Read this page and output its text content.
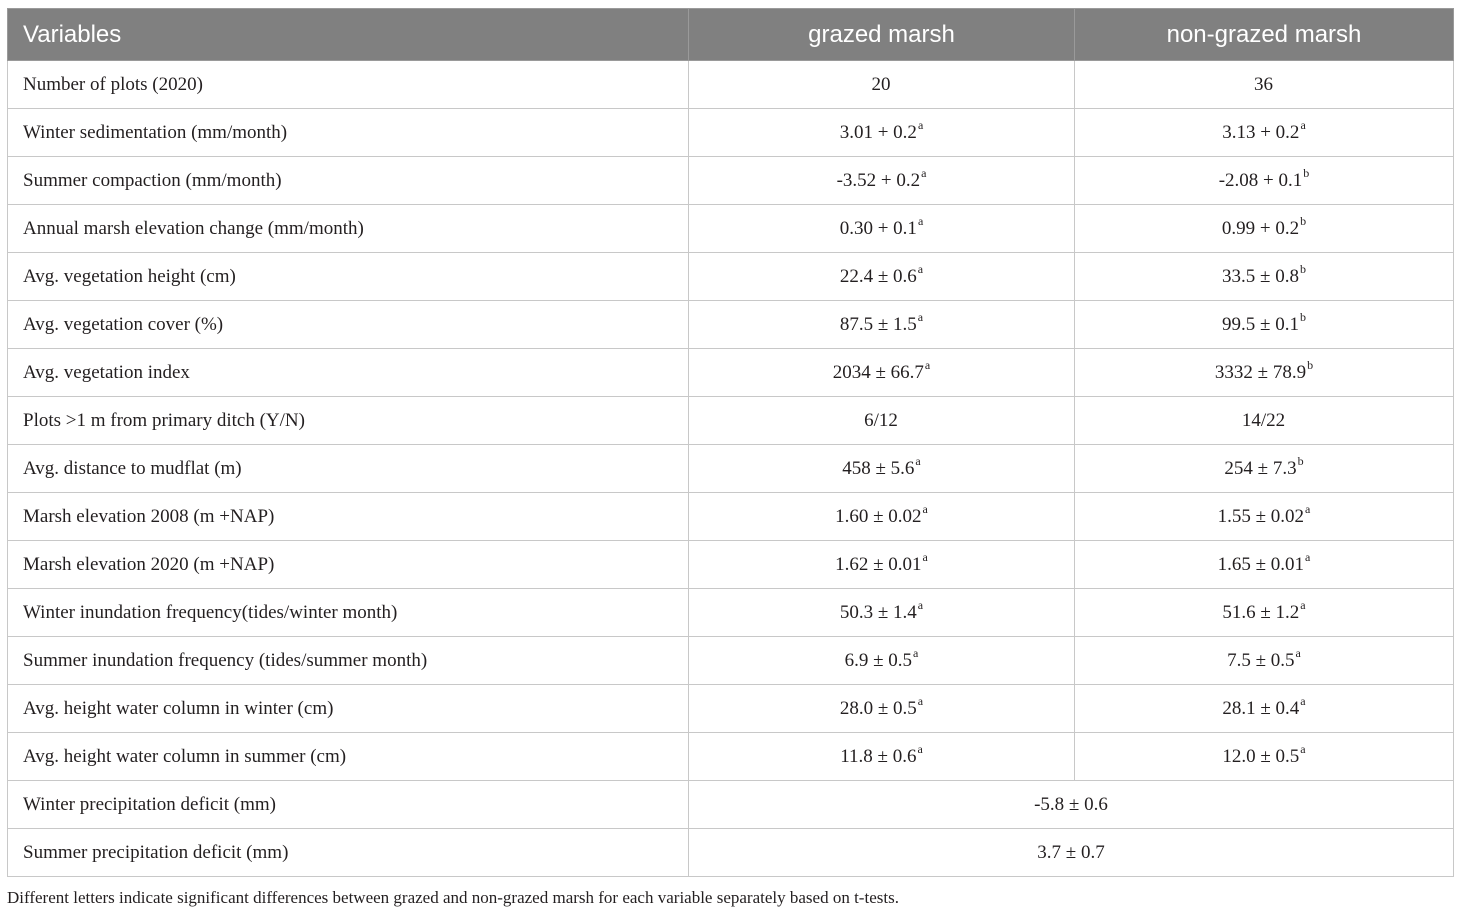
Variables	grazed marsh	non-grazed marsh
Number of plots (2020)	20	36
Winter sedimentation (mm/month)	3.01 + 0.2$^a$	3.13 + 0.2$^a$
Summer compaction (mm/month)	-3.52 + 0.2$^a$	-2.08 + 0.1$^b$
Annual marsh elevation change (mm/month)	0.30 + 0.1$^a$	0.99 + 0.2$^b$
Avg. vegetation height (cm)	22.4 ± 0.6$^a$	33.5 ± 0.8$^b$
Avg. vegetation cover (%)	87.5 ± 1.5$^a$	99.5 ± 0.1$^b$
Avg. vegetation index	2034 ± 66.7$^a$	3332 ± 78.9$^b$
Plots >1 m from primary ditch (Y/N)	6/12	14/22
Avg. distance to mudflat (m)	458 ± 5.6$^a$	254 ± 7.3$^b$
Marsh elevation 2008 (m +NAP)	1.60 ± 0.02$^a$	1.55 ± 0.02$^a$
Marsh elevation 2020 (m +NAP)	1.62 ± 0.01$^a$	1.65 ± 0.01$^a$
Winter inundation frequency(tides/winter month)	50.3 ± 1.4$^a$	51.6 ± 1.2$^a$
Summer inundation frequency (tides/summer month)	6.9 ± 0.5$^a$	7.5 ± 0.5$^a$
Avg. height water column in winter (cm)	28.0 ± 0.5$^a$	28.1 ± 0.4$^a$
Avg. height water column in summer (cm)	11.8 ± 0.6$^a$	12.0 ± 0.5$^a$
Winter precipitation deficit (mm)	-5.8 ± 0.6	
Summer precipitation deficit (mm)	3.7 ± 0.7	
Different letters indicate significant differences between grazed and non-grazed marsh for each variable separately based on t-tests.
